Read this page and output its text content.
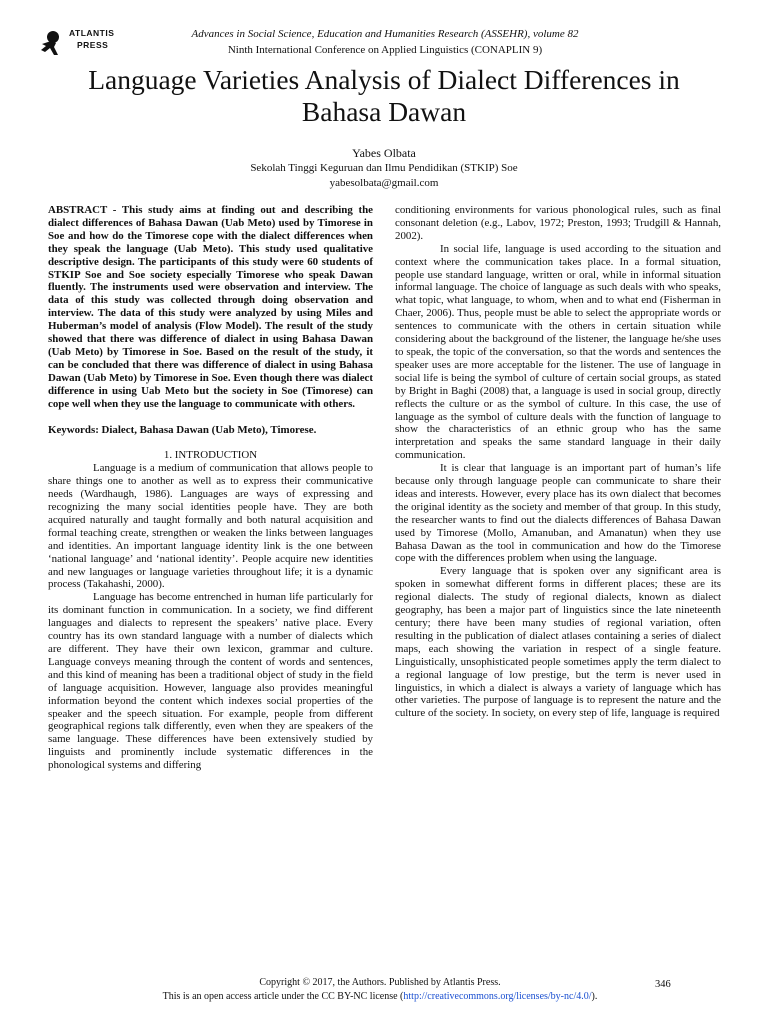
ATLANTIS
PRESS
Advances in Social Science, Education and Humanities Research (ASSEHR), volume 82
Ninth International Conference on Applied Linguistics (CONAPLIN 9)
Language Varieties Analysis of Dialect Differences in
Bahasa Dawan
Yabes Olbata
Sekolah Tinggi Keguruan dan Ilmu Pendidikan (STKIP) Soe
yabesolbata@gmail.com

ABSTRACT - This study aims at finding out and describing the dialect differences of Bahasa Dawan (Uab Meto) used by Timorese in Soe and how do the Timorese cope with the dialect differences when they speak the language (Uab Meto). This study used qualitative descriptive design. The participants of this study were 60 students of STKIP Soe and Soe society especially Timorese who speak Dawan fluently. The instruments used were observation and interview. The data of this study was collected through doing observation and interview. The data of this study were analyzed by using Miles and Huberman’s model of analysis (Flow Model). The result of the study showed that there was difference of dialect in using Bahasa Dawan (Uab Meto) by Timorese in Soe. Based on the result of the study, it can be concluded that there was difference of dialect in using Bahasa Dawan (Uab Meto) by Timorese in Soe. Even though there was dialect difference in using Uab Meto but the society in Soe (Timorese) can cope well when they use the language to communicate with others.

Keywords: Dialect, Bahasa Dawan (Uab Meto), Timorese.

1. INTRODUCTION

Language is a medium of communication that allows people to share things one to another as well as to express their communicative needs (Wardhaugh, 1986). Languages are ways of expressing and recognizing the many social identities people have. They are both acquired naturally and taught formally and both natural acquisition and formal teaching create, strengthen or weaken the links between languages and identities. An important language identity link is the one between ‘national language’ and ‘national identity’. People acquire new identities and new languages or language varieties throughout life; it is a dynamic process (Takahashi, 2000).

Language has become entrenched in human life particularly for its dominant function in communication. In a society, we find different languages and dialects to represent the speakers’ native place. Every country has its own standard language with a number of dialects which are different. They have their own lexicon, grammar and culture. Language conveys meaning through the content of words and sentences, and this kind of meaning has been a traditional object of study in the field of language acquisition. However, language also provides meaningful information beyond the content which indexes social properties of the speaker and the speech situation. For example, people from different geographical regions talk differently, even when they are speakers of the same language. These differences have been extensively studied by linguists and prominently include systematic differences in the phonological systems and differing

conditioning environments for various phonological rules, such as final consonant deletion (e.g., Labov, 1972; Preston, 1993; Trudgill & Hannah, 2002).

In social life, language is used according to the situation and context where the communication takes place. In a formal situation, people use standard language, written or oral, while in informal situation informal language. The choice of language as such deals with who speaks, what topic, what language, to whom, when and to what end (Fisherman in Chaer, 2006). Thus, people must be able to select the appropriate words or sentences to communicate with the others in certain situation while considering about the background of the listener, the language he/she uses to speak, the topic of the conversation, so that the words and sentences the speaker uses are more acceptable for the listener. The use of language in social life is being the symbol of culture of certain social groups, as stated by Bright in Baghi (2008) that, a language is used in social group, directly reflects the culture or as the symbol of culture. In this case, the use of language as the symbol of culture deals with the function of language to show the characteristics of an ethnic group who has the same interpretation and speaks the same standard language in their daily communication.

It is clear that language is an important part of human’s life because only through language people can communicate to share their ideas and interests. However, every place has its own dialect that becomes the original identity as the society and member of that group. In this study, the researcher wants to find out the dialects differences of Bahasa Dawan used by Timorese (Mollo, Amanuban, and Amanatun) when they use Bahasa Dawan as the tool in communication and how do the Timorese cope with the differences problem when using the language.

Every language that is spoken over any significant area is spoken in somewhat different forms in different places; these are its regional dialects. The study of regional dialects, known as dialect geography, has been a major part of linguistics since the late nineteenth century; there have been many studies of regional variation, often resulting in the publication of dialect atlases containing a series of dialect maps, each showing the variation in respect of a single feature. Linguistically, unsophisticated people sometimes apply the term dialect to a regional language of low prestige, but the term is never used in linguistics, in which a dialect is always a variety of language which has other varieties. The purpose of language is to represent the nature and the culture of the society. In society, on every step of life, language is required

Copyright © 2017, the Authors. Published by Atlantis Press.
This is an open access article under the CC BY-NC license (http://creativecommons.org/licenses/by-nc/4.0/).
346
